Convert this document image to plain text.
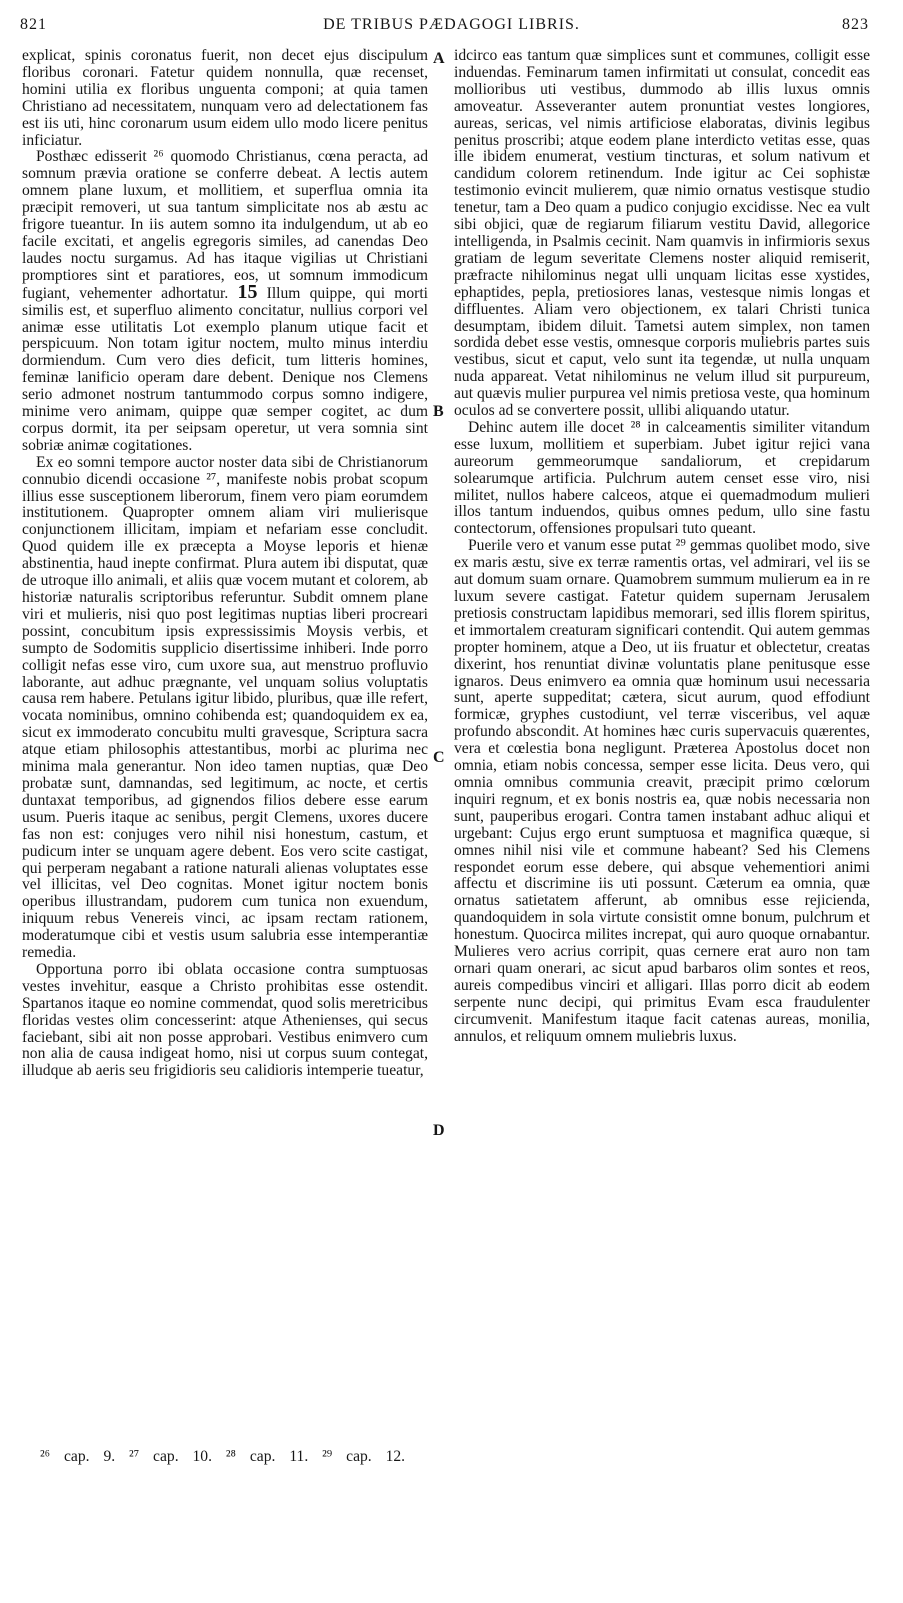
821	DE TRIBUS PÆDAGOGI LIBRIS.	823

explicat, spinis coronatus fuerit, non decet ejus discipulum floribus coronari. Fatetur quidem nonnulla, quæ recenset, homini utilia ex floribus unguenta componi; at quia tamen Christiano ad necessitatem, nunquam vero ad delectationem fas est iis uti, hinc coronarum usum eidem ullo modo licere penitus inficiatur.

Posthæc edisserit ²⁶ quomodo Christianus, cœna peracta, ad somnum prævia oratione se conferre debeat. A lectis autem omnem plane luxum, et mollitiem, et superflua omnia ita præcipit removeri, ut sua tantum simplicitate nos ab æstu ac frigore tueantur. In iis autem somno ita indulgendum, ut ab eo facile excitati, et angelis egregoris similes, ad canendas Deo laudes noctu surgamus. Ad has itaque vigilias ut Christiani promptiores sint et paratiores, eos, ut somnum immodicum fugiant, vehementer adhortatur. 15 Illum quippe, qui morti similis est, et superfluo alimento concitatur, nullius corpori vel animæ esse utilitatis Lot exemplo planum utique facit et perspicuum. Non totam igitur noctem, multo minus interdiu dormiendum. Cum vero dies deficit, tum litteris homines, feminæ lanificio operam dare debent. Denique nos Clemens serio admonet nostrum tantummodo corpus somno indigere, minime vero animam, quippe quæ semper cogitet, ac dum corpus dormit, ita per seipsam operetur, ut vera somnia sint sobriæ animæ cogitationes.

Ex eo somni tempore auctor noster data sibi de Christianorum connubio dicendi occasione ²⁷, manifeste nobis probat scopum illius esse susceptionem liberorum, finem vero piam eorumdem institutionem. Quapropter omnem aliam viri mulierisque conjunctionem illicitam, impiam et nefariam esse concludit. Quod quidem ille ex præcepta a Moyse leporis et hienæ abstinentia, haud inepte confirmat. Plura autem ibi disputat, quæ de utroque illo animali, et aliis quæ vocem mutant et colorem, ab historiæ naturalis scriptoribus referuntur. Subdit omnem plane viri et mulieris, nisi quo post legitimas nuptias liberi procreari possint, concubitum ipsis expressissimis Moysis verbis, et sumpto de Sodomitis supplicio disertissime inhiberi. Inde porro colligit nefas esse viro, cum uxore sua, aut menstruo profluvio laborante, aut adhuc prægnante, vel unquam solius voluptatis causa rem habere. Petulans igitur libido, pluribus, quæ ille refert, vocata nominibus, omnino cohibenda est; quandoquidem ex ea, sicut ex immoderato concubitu multi gravesque, Scriptura sacra atque etiam philosophis attestantibus, morbi ac plurima nec minima mala generantur. Non ideo tamen nuptias, quæ Deo probatæ sunt, damnandas, sed legitimum, ac nocte, et certis duntaxat temporibus, ad gignendos filios debere esse earum usum. Pueris itaque ac senibus, pergit Clemens, uxores ducere fas non est: conjuges vero nihil nisi honestum, castum, et pudicum inter se unquam agere debent. Eos vero scite castigat, qui perperam negabant a ratione naturali alienas voluptates esse vel illicitas, vel Deo cognitas. Monet igitur noctem bonis operibus illustrandam, pudorem cum tunica non exuendum, iniquum rebus Venereis vinci, ac ipsam rectam rationem, moderatumque cibi et vestis usum salubria esse intemperantiæ remedia.

Opportuna porro ibi oblata occasione contra sumptuosas vestes invehitur, easque a Christo prohibitas esse ostendit. Spartanos itaque eo nomine commendat, quod solis meretricibus floridas vestes olim concesserint: atque Athenienses, qui secus faciebant, sibi ait non posse approbari. Vestibus enimvero cum non alia de causa indigeat homo, nisi ut corpus suum contegat, illudque ab aeris seu frigidioris seu calidioris intemperie tueatur,

A
B
C
D

idcirco eas tantum quæ simplices sunt et communes, colligit esse induendas. Feminarum tamen infirmitati ut consulat, concedit eas mollioribus uti vestibus, dummodo ab illis luxus omnis amoveatur. Asseveranter autem pronuntiat vestes longiores, aureas, sericas, vel nimis artificiose elaboratas, divinis legibus penitus proscribi; atque eodem plane interdicto vetitas esse, quas ille ibidem enumerat, vestium tincturas, et solum nativum et candidum colorem retinendum. Inde igitur ac Cei sophistæ testimonio evincit mulierem, quæ nimio ornatus vestisque studio tenetur, tam a Deo quam a pudico conjugio excidisse. Nec ea vult sibi objici, quæ de regiarum filiarum vestitu David, allegorice intelligenda, in Psalmis cecinit. Nam quamvis in infirmioris sexus gratiam de legum severitate Clemens noster aliquid remiserit, præfracte nihilominus negat ulli unquam licitas esse xystides, ephaptides, pepla, pretiosiores lanas, vestesque nimis longas et diffluentes. Aliam vero objectionem, ex talari Christi tunica desumptam, ibidem diluit. Tametsi autem simplex, non tamen sordida debet esse vestis, omnesque corporis muliebris partes suis vestibus, sicut et caput, velo sunt ita tegendæ, ut nulla unquam nuda appareat. Vetat nihilominus ne velum illud sit purpureum, aut quævis mulier purpurea vel nimis pretiosa veste, qua hominum oculos ad se convertere possit, ullibi aliquando utatur.

Dehinc autem ille docet ²⁸ in calceamentis similiter vitandum esse luxum, mollitiem et superbiam. Jubet igitur rejici vana aureorum gemmeorumque sandaliorum, et crepidarum solearumque artificia. Pulchrum autem censet esse viro, nisi militet, nullos habere calceos, atque ei quemadmodum mulieri illos tantum induendos, quibus omnes pedum, ullo sine fastu contectorum, offensiones propulsari tuto queant.

Puerile vero et vanum esse putat ²⁹ gemmas quolibet modo, sive ex maris æstu, sive ex terræ ramentis ortas, vel admirari, vel iis se aut domum suam ornare. Quamobrem summum mulierum ea in re luxum severe castigat. Fatetur quidem supernam Jerusalem pretiosis constructam lapidibus memorari, sed illis florem spiritus, et immortalem creaturam significari contendit. Qui autem gemmas propter hominem, atque a Deo, ut iis fruatur et oblectetur, creatas dixerint, hos renuntiat divinæ voluntatis plane penitusque esse ignaros. Deus enimvero ea omnia quæ hominum usui necessaria sunt, aperte suppeditat; cætera, sicut aurum, quod effodiunt formicæ, gryphes custodiunt, vel terræ visceribus, vel aquæ profundo abscondit. At homines hæc curis supervacuis quærentes, vera et cœlestia bona negligunt. Præterea Apostolus docet non omnia, etiam nobis concessa, semper esse licita. Deus vero, qui omnia omnibus communia creavit, præcipit primo cœlorum inquiri regnum, et ex bonis nostris ea, quæ nobis necessaria non sunt, pauperibus erogari. Contra tamen instabant adhuc aliqui et urgebant: Cujus ergo erunt sumptuosa et magnifica quæque, si omnes nihil nisi vile et commune habeant? Sed his Clemens respondet eorum esse debere, qui absque vehementiori animi affectu et discrimine iis uti possunt. Cæterum ea omnia, quæ ornatus satietatem afferunt, ab omnibus esse rejicienda, quandoquidem in sola virtute consistit omne bonum, pulchrum et honestum. Quocirca milites increpat, qui auro quoque ornabantur. Mulieres vero acrius corripit, quas cernere erat auro non tam ornari quam onerari, ac sicut apud barbaros olim sontes et reos, aureis compedibus vinciri et alligari. Illas porro dicit ab eodem serpente nunc decipi, qui primitus Evam esca fraudulenter circumvenit. Manifestum itaque facit catenas aureas, monilia, annulos, et reliquum omnem muliebris luxus.

²⁶ cap. 9. ²⁷ cap. 10. ²⁸ cap. 11. ²⁹ cap. 12.
